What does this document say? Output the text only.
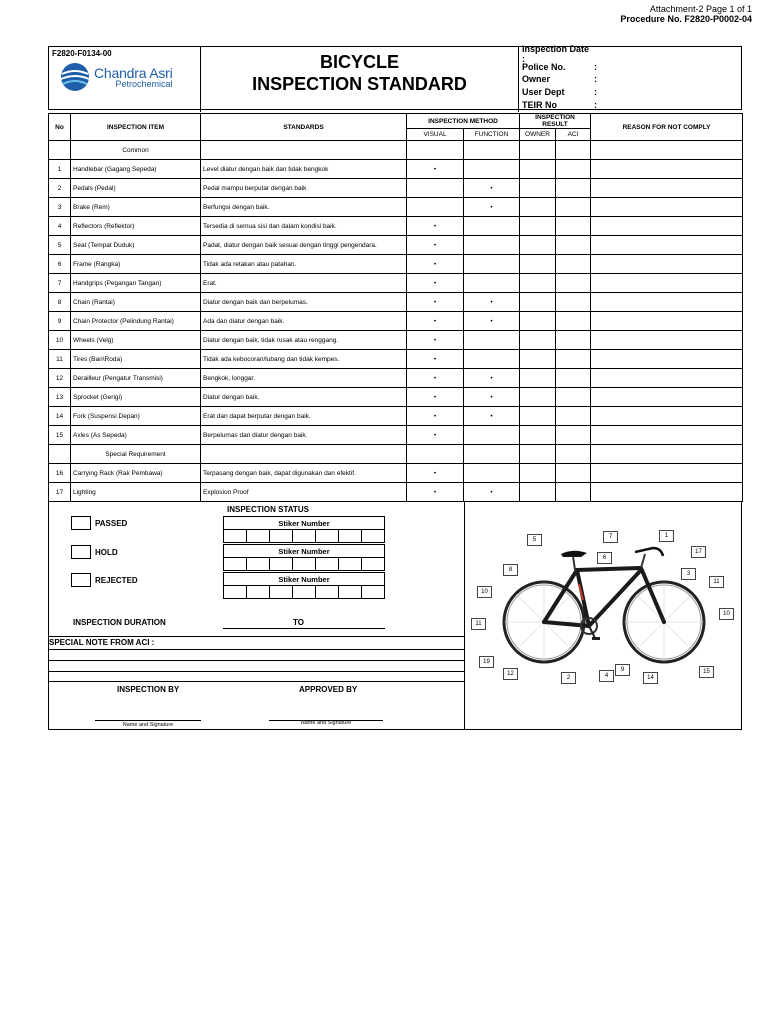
Attachment-2 Page 1 of 1
Procedure No. F2820-P0002-04
F2820-F0134-00
Chandra Asri
Petrochemical
BICYCLE
INSPECTION STANDARD
Inspection Date :
Police No.	:
Owner	:
User Dept	:
TEIR No	:
No	INSPECTION ITEM	STANDARDS	INSPECTION METHOD		INSPECTION RESULT		REASON FOR NOT COMPLY
			VISUAL	FUNCTION	OWNER	ACI	
	Common						
1	Handlebar (Gagang Sepeda)	Level diatur dengan baik dan tidak bengkok	•				
2	Pedals (Pedal)	Pedal mampu berputar dengan baik		•			
3	Brake (Rem)	Berfungsi dengan baik.		•			
4	Reflectors (Reflektor)	Tersedia di semua sisi dan dalam kondisi baik.	•				
5	Seat (Tempat Duduk)	Padat, diatur dengan baik sesuai dengan tinggi pengendara.	•				
6	Frame (Rangka)	Tidak ada retakan atau patahan.	•				
7	Handgrips (Pegangan Tangan)	Erat.	•				
8	Chain (Rantai)	Diatur dengan baik dan berpelumas.	•	•			
9	Chain Protector (Pelindung Rantai)	Ada dan diatur dengan baik.	•	•			
10	Wheels (Velg)	Diatur dengan baik, tidak rusak atau renggang.	•				
11	Tires (Ban\Roda)	Tidak ada kebocoran/lubang dan tidak kempes.	•				
12	Derailleur (Pengatur Transmisi)	Bengkok, longgar.	•	•			
13	Sprocket (Gerigi)	Diatur dengan baik.	•	•			
14	Fork (Suspensi Depan)	Erat dan dapat berputar dengan baik.	•	•			
15	Axles (As Sepeda)	Berpelumas dan diatur dengan baik.	•				
	Special Requirement						
16	Carrying Rack (Rak Pembawa)	Terpasang dengan baik, dapat digunakan dan efektif.	•				
17	Lighting	Explosion Proof	•	•			
INSPECTION STATUS
PASSED
HOLD
REJECTED
Stiker Number

Stiker Number

Stiker Number

INSPECTION DURATION	TO
SPECIAL NOTE FROM ACI :
INSPECTION BY	APPROVED BY
Name and Signature	Name and Signature
5	7	1
17
6
8
3
11
10
10
11
19
12
2	4
9
14
15
